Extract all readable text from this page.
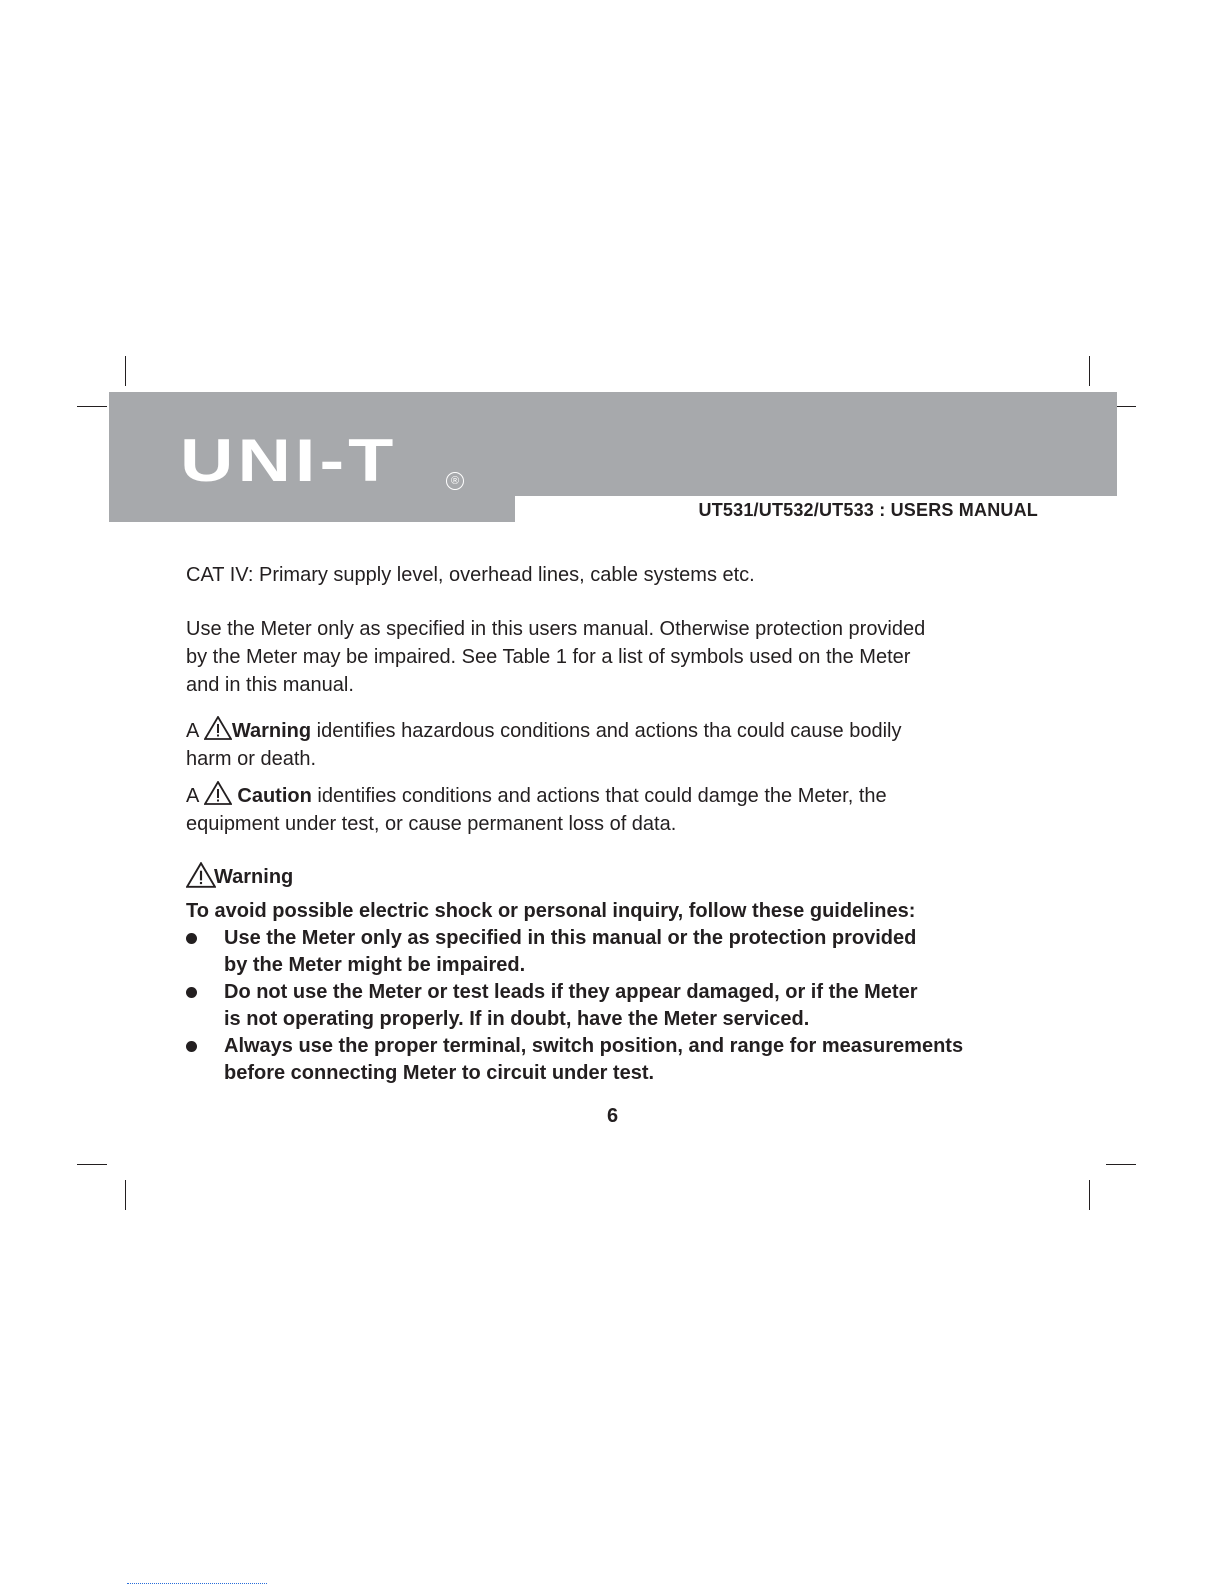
UNI-T	®
UT531/UT532/UT533 : USERS MANUAL

CAT IV: Primary supply level, overhead lines, cable systems etc.

Use the Meter only as specified in this users manual. Otherwise protection provided
by the Meter may be impaired. See Table 1 for a list of symbols used on the Meter
and in this manual.
A Warning identifies hazardous conditions and actions tha could cause bodily
harm or death.
A Caution identifies conditions and actions that could damge the Meter, the
equipment under test, or cause permanent loss of data.
Warning
To avoid possible electric shock or personal inquiry, follow these guidelines:
Use the Meter only as specified in this manual or the protection provided
by the Meter might be impaired.
Do not use the Meter or test leads if they appear damaged, or if the Meter
is not operating properly. If in doubt, have the Meter serviced.
Always use the proper terminal, switch position, and range for measurements
before connecting Meter to circuit under test.
6
